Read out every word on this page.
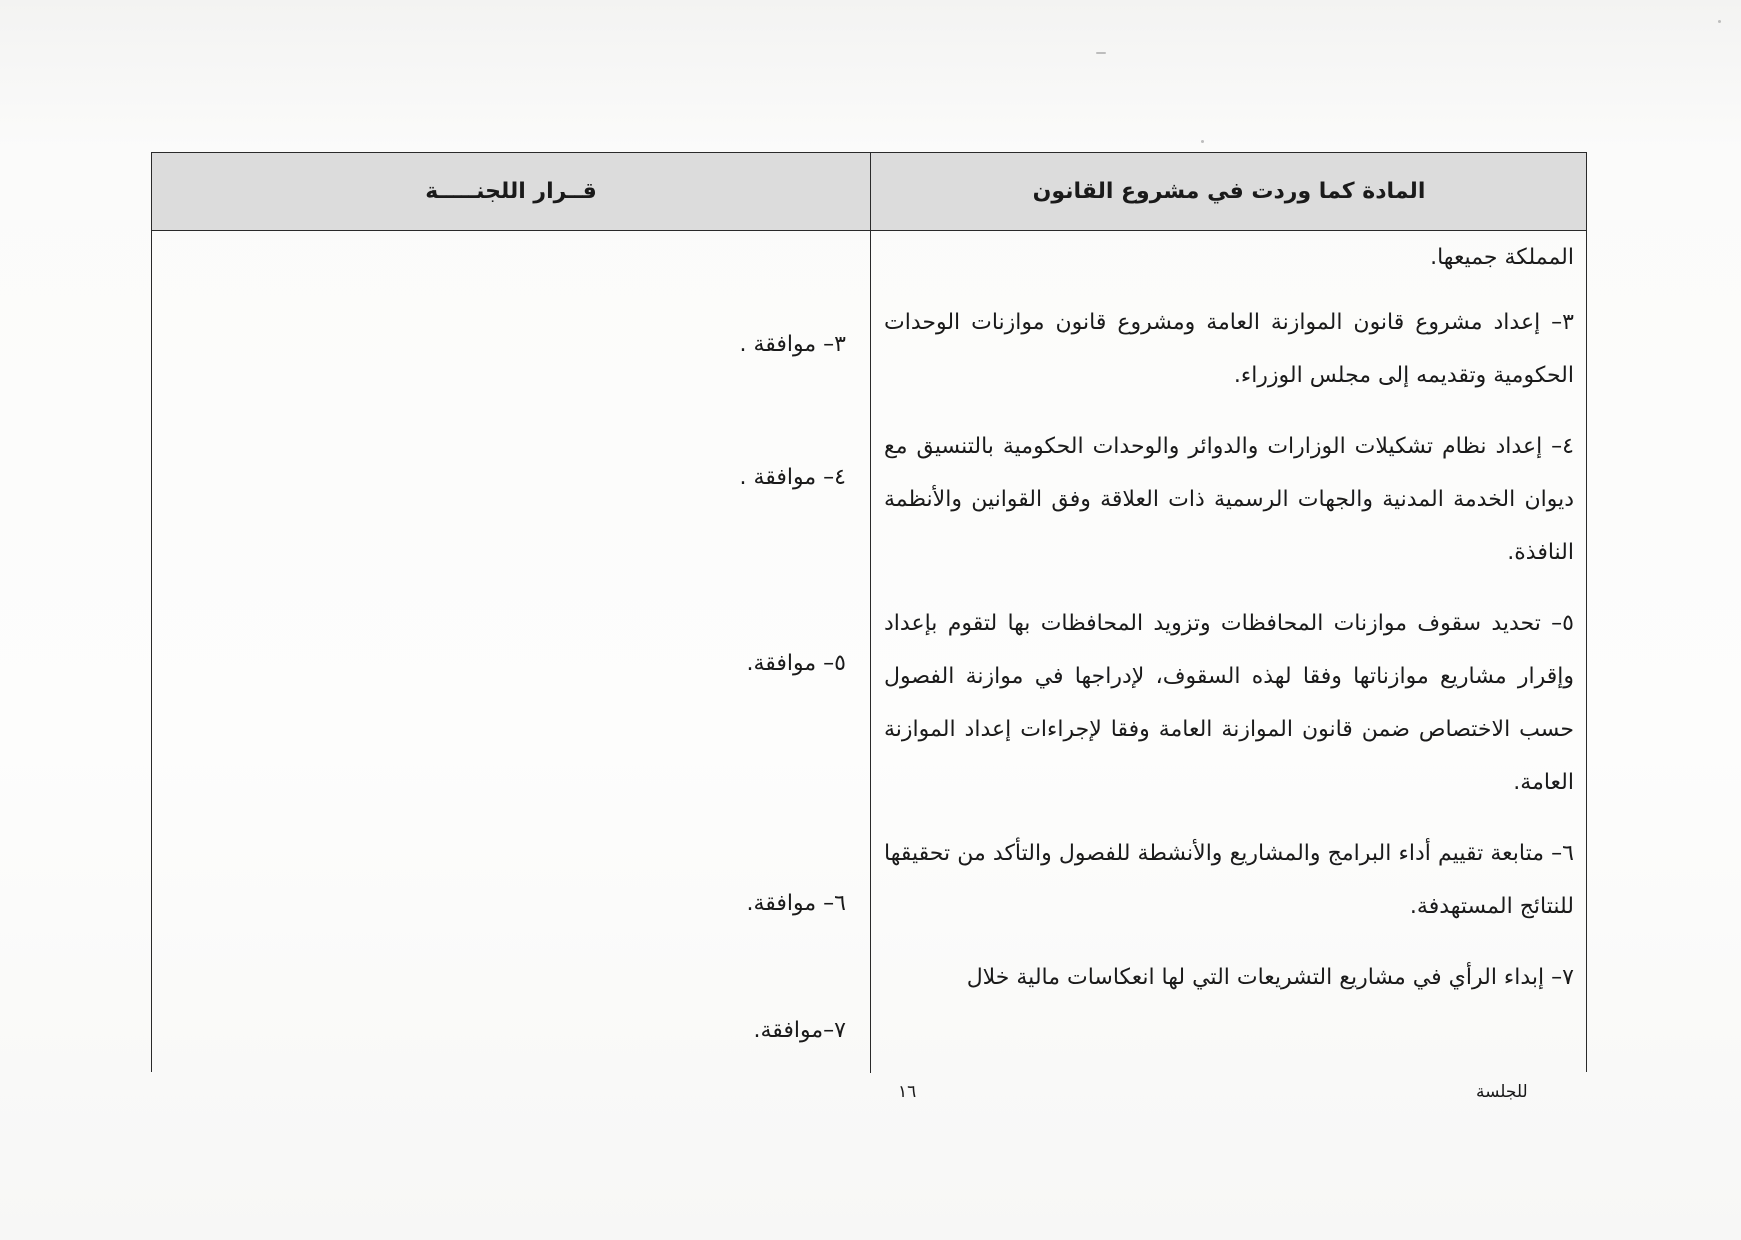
المادة كما وردت في مشروع القانون
قــرار اللجنـــــة

المملكة جميعها.

٣– إعداد مشروع قانون الموازنة العامة ومشروع قانون موازنات الوحدات الحكومية وتقديمه إلى مجلس الوزراء.

٤– إعداد نظام تشكيلات الوزارات والدوائر والوحدات الحكومية بالتنسيق مع ديوان الخدمة المدنية والجهات الرسمية ذات العلاقة وفق القوانين والأنظمة النافذة.

٥– تحديد سقوف موازنات المحافظات وتزويد المحافظات بها لتقوم بإعداد وإقرار مشاريع موازناتها وفقا لهذه السقوف، لإدراجها في موازنة الفصول حسب الاختصاص ضمن قانون الموازنة العامة وفقا لإجراءات إعداد الموازنة العامة.

٦– متابعة تقييم أداء البرامج والمشاريع والأنشطة للفصول والتأكد من تحقيقها للنتائج المستهدفة.

٧– إبداء الرأي في مشاريع التشريعات التي لها انعكاسات مالية خلال

٣– موافقة .
٤– موافقة .
٥– موافقة.
٦– موافقة.
٧–موافقة.
للجلسة
١٦
